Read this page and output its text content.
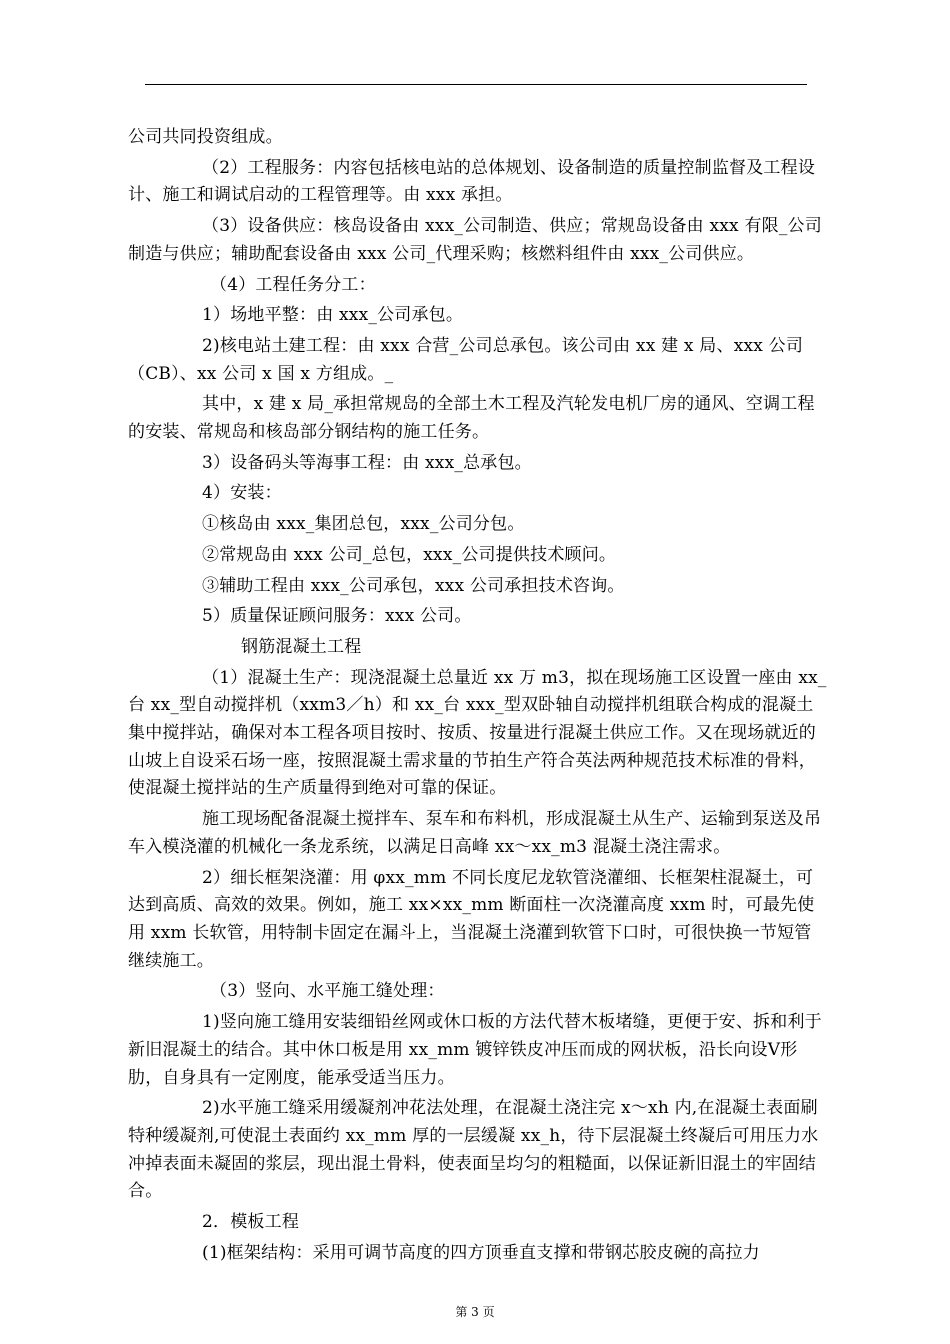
公司共同投资组成。

（2）工程服务：内容包括核电站的总体规划、设备制造的质量控制监督及工程设计、施工和调试启动的工程管理等。由 xxx 承担。

（3）设备供应：核岛设备由 xxx_公司制造、供应；常规岛设备由 xxx 有限_公司制造与供应；辅助配套设备由 xxx 公司_代理采购；核燃料组件由 xxx_公司供应。

（4）工程任务分工：

1）场地平整：由 xxx_公司承包。

2)核电站土建工程：由 xxx 合营_公司总承包。该公司由 xx 建 x 局、xxx 公司（CB）、xx 公司 x 国 x 方组成。_

其中，x 建 x 局_承担常规岛的全部土木工程及汽轮发电机厂房的通风、空调工程的安装、常规岛和核岛部分钢结构的施工任务。

3）设备码头等海事工程：由 xxx_总承包。

4）安装：

①核岛由 xxx_集团总包，xxx_公司分包。

②常规岛由 xxx 公司_总包，xxx_公司提供技术顾问。

③辅助工程由 xxx_公司承包，xxx 公司承担技术咨询。

5）质量保证顾问服务：xxx 公司。

钢筋混凝土工程

（1）混凝土生产：现浇混凝土总量近 xx 万 m3，拟在现场施工区设置一座由 xx_台 xx_型自动搅拌机（xxm3／h）和 xx_台 xxx_型双卧轴自动搅拌机组联合构成的混凝土集中搅拌站，确保对本工程各项目按时、按质、按量进行混凝土供应工作。又在现场就近的山坡上自设采石场一座，按照混凝土需求量的节拍生产符合英法两种规范技术标准的骨料，使混凝土搅拌站的生产质量得到绝对可靠的保证。

施工现场配备混凝土搅拌车、泵车和布料机，形成混凝土从生产、运输到泵送及吊车入模浇灌的机械化一条龙系统，以满足日高峰 xx～xx_m3 混凝土浇注需求。

2）细长框架浇灌：用 φxx_mm 不同长度尼龙软管浇灌细、长框架柱混凝土，可达到高质、高效的效果。例如，施工 xx×xx_mm 断面柱一次浇灌高度 xxm 时，可最先使用 xxm 长软管，用特制卡固定在漏斗上，当混凝土浇灌到软管下口时，可很快换一节短管继续施工。

（3）竖向、水平施工缝处理：

1)竖向施工缝用安装细铅丝网或休口板的方法代替木板堵缝，更便于安、拆和利于新旧混凝土的结合。其中休口板是用 xx_mm 镀锌铁皮冲压而成的网状板，沿长向设Ⅴ形肋，自身具有一定刚度，能承受适当压力。

2)水平施工缝采用缓凝剂冲花法处理，在混凝土浇注完 x～xh 内,在混凝土表面刷特种缓凝剂,可使混土表面约 xx_mm 厚的一层缓凝 xx_h，待下层混凝土终凝后可用压力水冲掉表面未凝固的浆层，现出混土骨料，使表面呈均匀的粗糙面，以保证新旧混土的牢固结合。

2．模板工程

(1)框架结构：采用可调节高度的四方顶垂直支撑和带钢芯胶皮碗的高拉力

第 3 页
